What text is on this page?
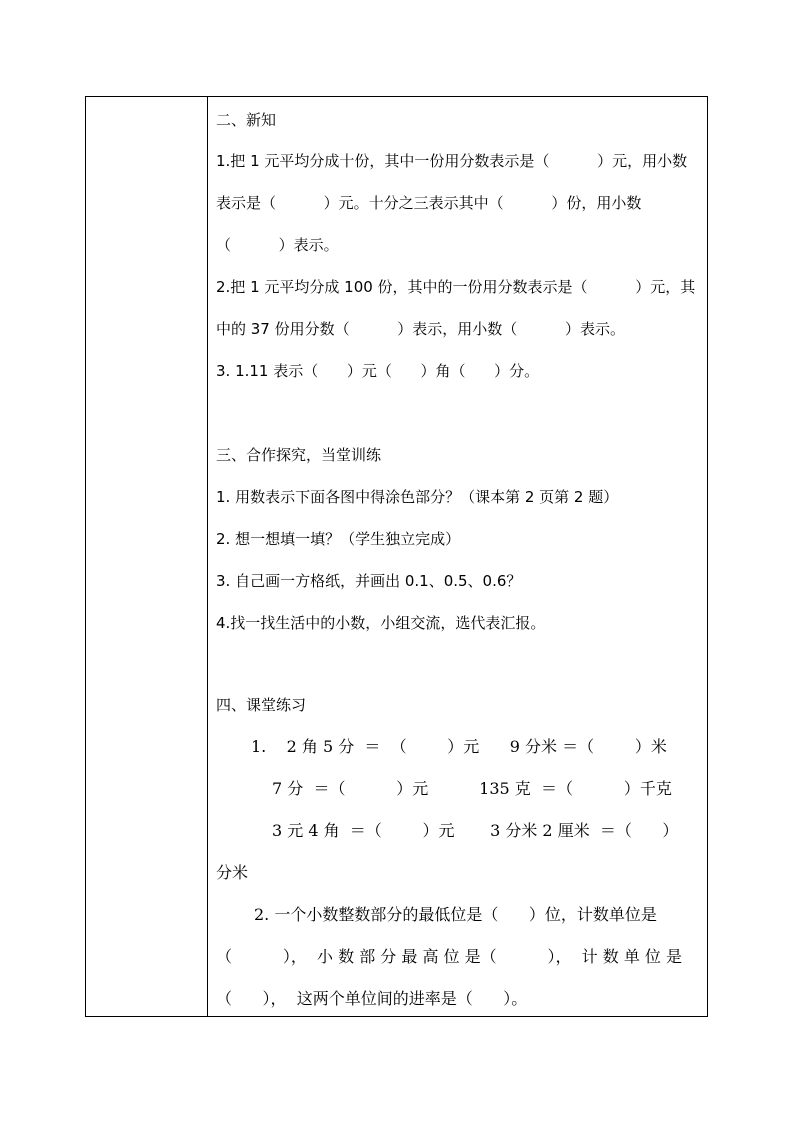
二、新知
1.把 1 元平均分成十份，其中一份用分数表示是（          ）元，用小数
表示是（          ）元。十分之三表示其中（          ）份，用小数
（          ）表示。
2.把 1 元平均分成 100 份，其中的一份用分数表示是（          ）元，其
中的 37 份用分数（          ）表示，用小数（          ）表示。
3. 1.11 表示（      ）元（      ）角（      ）分。
三、合作探究，当堂训练
1. 用数表示下面各图中得涂色部分？（课本第 2 页第 2 题）
2. 想一想填一填？（学生独立完成）
3. 自己画一方格纸，并画出 0.1、0.5、0.6？
4.找一找生活中的小数，小组交流，选代表汇报。
四、课堂练习
1.    2 角 5 分  ＝  （        ）元      9 分米 ＝（        ）米
7 分  ＝（          ）元          135 克  ＝（          ）千克
3 元 4 角  ＝（        ）元       3 分米 2 厘米  ＝（      ）
分米
2. 一个小数整数部分的最低位是（      ）位，计数单位是
（          ），  小 数 部 分 最 高 位 是（          ），  计 数 单 位 是
（      ），  这两个单位间的进率是（      ）。
